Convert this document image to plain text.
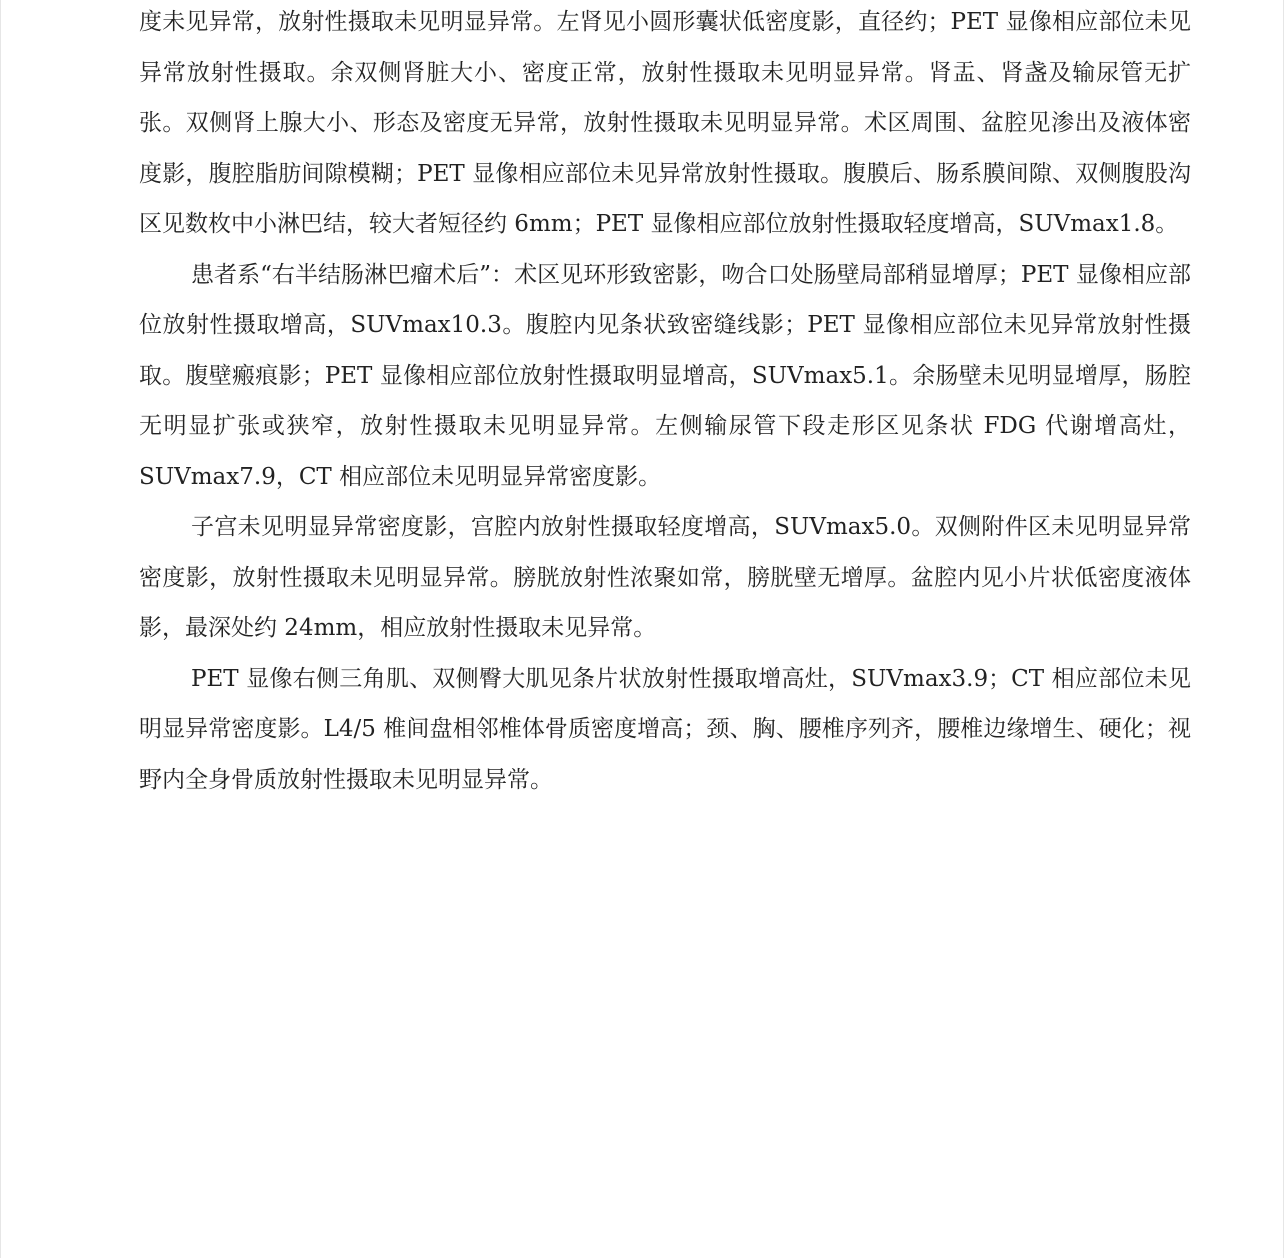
度未见异常，放射性摄取未见明显异常。左肾见小圆形囊状低密度影，直径约；PET 显像相应部位未见异常放射性摄取。余双侧肾脏大小、密度正常，放射性摄取未见明显异常。肾盂、肾盏及输尿管无扩张。双侧肾上腺大小、形态及密度无异常，放射性摄取未见明显异常。术区周围、盆腔见渗出及液体密度影，腹腔脂肪间隙模糊；PET 显像相应部位未见异常放射性摄取。腹膜后、肠系膜间隙、双侧腹股沟区见数枚中小淋巴结，较大者短径约 6mm；PET 显像相应部位放射性摄取轻度增高，SUVmax1.8。

患者系“右半结肠淋巴瘤术后”：术区见环形致密影，吻合口处肠壁局部稍显增厚；PET 显像相应部位放射性摄取增高，SUVmax10.3。腹腔内见条状致密缝线影；PET 显像相应部位未见异常放射性摄取。腹壁瘢痕影；PET 显像相应部位放射性摄取明显增高，SUVmax5.1。余肠壁未见明显增厚，肠腔无明显扩张或狭窄，放射性摄取未见明显异常。左侧输尿管下段走形区见条状 FDG 代谢增高灶，SUVmax7.9，CT 相应部位未见明显异常密度影。

子宫未见明显异常密度影，宫腔内放射性摄取轻度增高，SUVmax5.0。双侧附件区未见明显异常密度影，放射性摄取未见明显异常。膀胱放射性浓聚如常，膀胱壁无增厚。盆腔内见小片状低密度液体影，最深处约 24mm，相应放射性摄取未见异常。

PET 显像右侧三角肌、双侧臀大肌见条片状放射性摄取增高灶，SUVmax3.9；CT 相应部位未见明显异常密度影。L4/5 椎间盘相邻椎体骨质密度增高；颈、胸、腰椎序列齐，腰椎边缘增生、硬化；视野内全身骨质放射性摄取未见明显异常。
